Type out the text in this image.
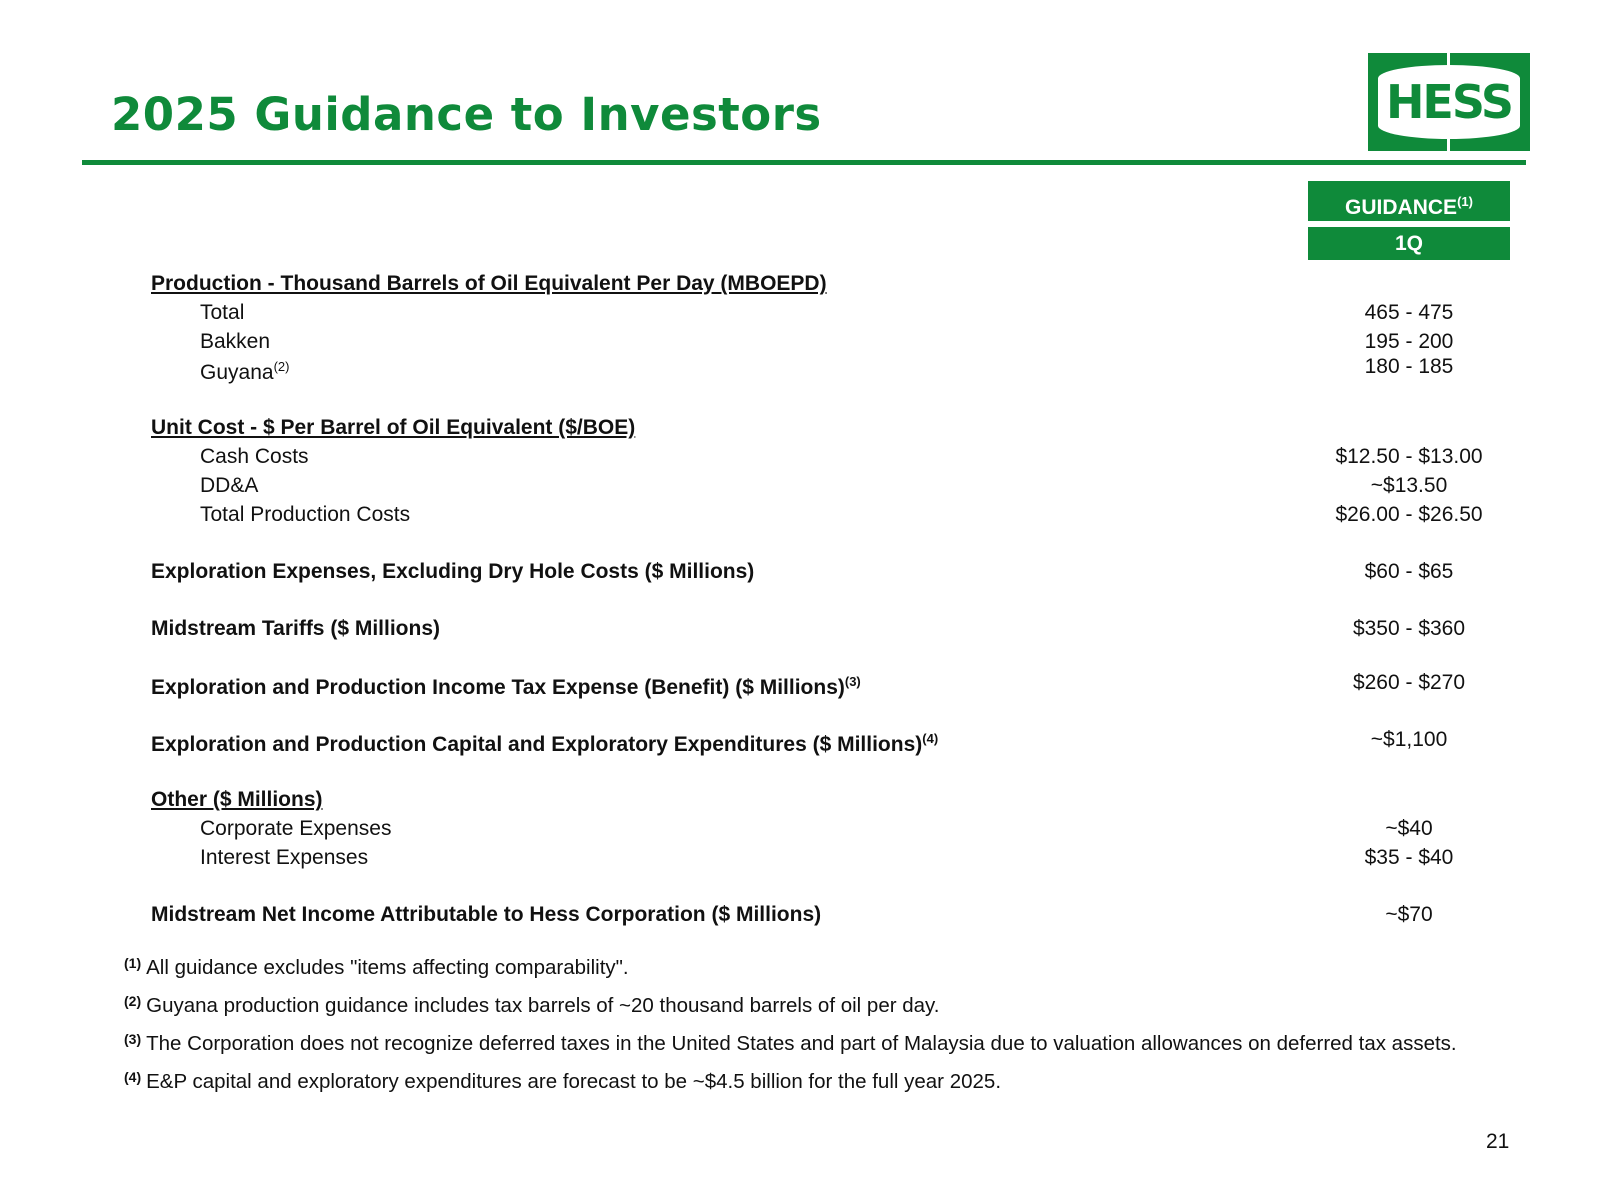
2025 Guidance to Investors	HESS
GUIDANCE$^{(1)}$
1Q
Production - Thousand Barrels of Oil Equivalent Per Day (MBOEPD)
Total	465 - 475
Bakken	195 - 200
Guyana$^{(2)}$	180 - 185
Unit Cost - $ Per Barrel of Oil Equivalent ($/BOE)
Cash Costs	$12.50 - $13.00
DD&A	~$13.50
Total Production Costs	$26.00 - $26.50
Exploration Expenses, Excluding Dry Hole Costs ($ Millions)	$60 - $65
Midstream Tariffs ($ Millions)	$350 - $360
Exploration and Production Income Tax Expense (Benefit) ($ Millions)$^{(3)}$	$260 - $270
Exploration and Production Capital and Exploratory Expenditures ($ Millions)$^{(4)}$	~$1,100
Other ($ Millions)
Corporate Expenses	~$40
Interest Expenses	$35 - $40
Midstream Net Income Attributable to Hess Corporation ($ Millions)	~$70
$^{(1)}$ All guidance excludes "items affecting comparability".
$^{(2)}$ Guyana production guidance includes tax barrels of ~20 thousand barrels of oil per day.
$^{(3)}$ The Corporation does not recognize deferred taxes in the United States and part of Malaysia due to valuation allowances on deferred tax assets.
$^{(4)}$ E&P capital and exploratory expenditures are forecast to be ~$4.5 billion for the full year 2025.
21
